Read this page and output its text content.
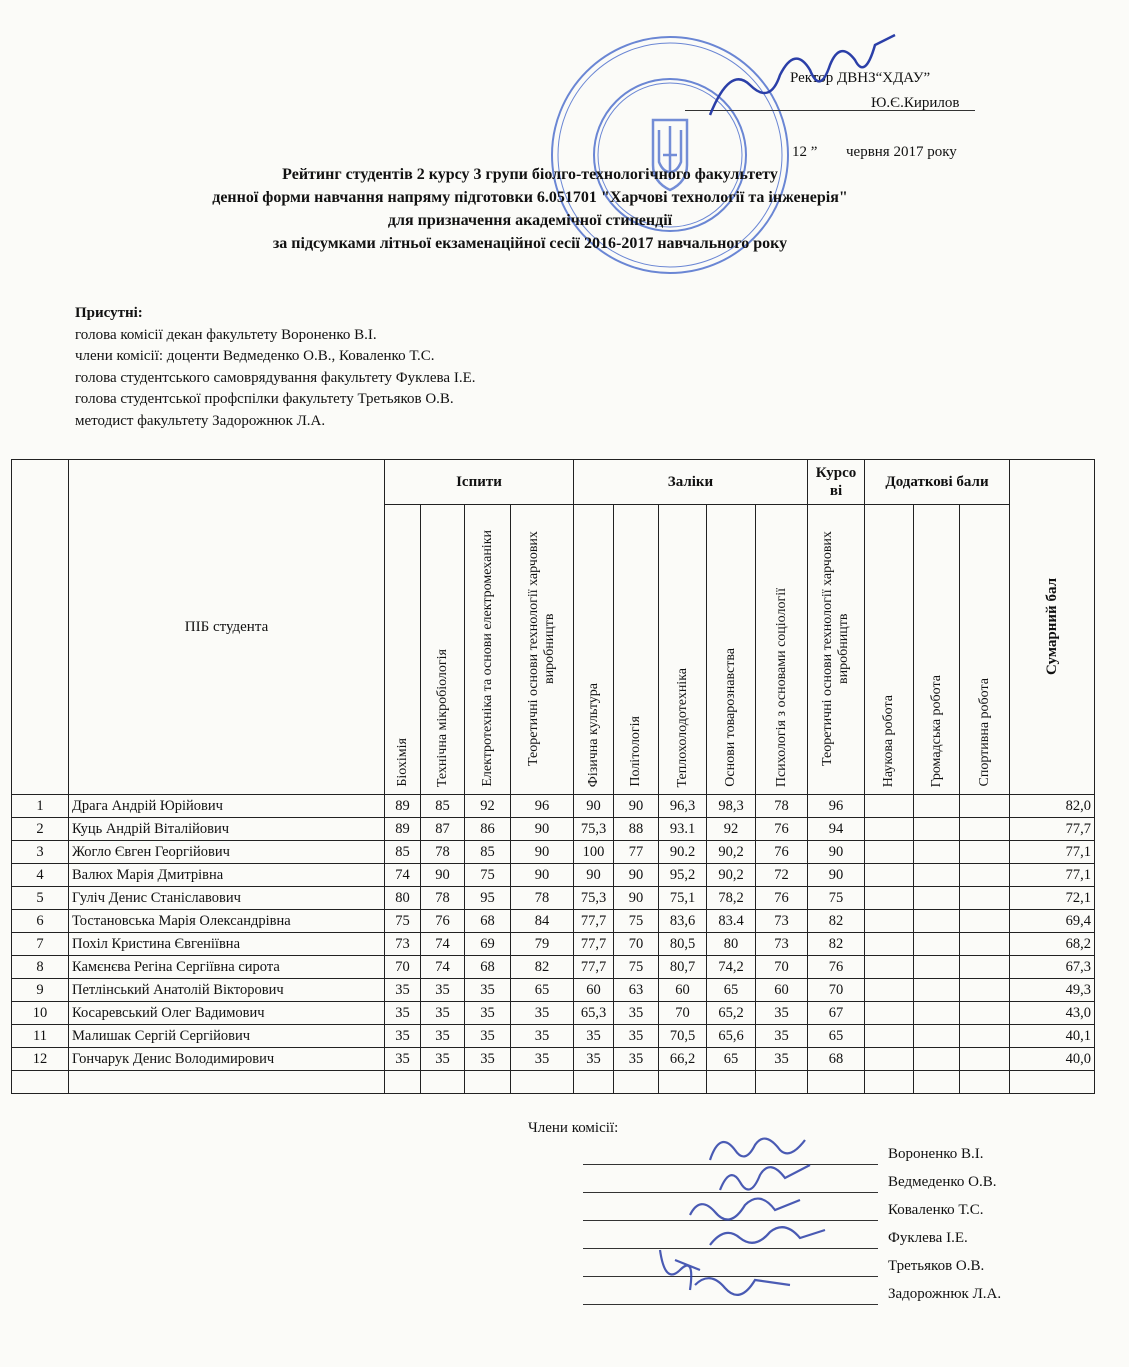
Ректор ДВНЗ“ХДАУ”
Ю.Є.Кирилов
12 ” червня 2017 року
Рейтинг студентів 2 курсу 3 групи біолго-технологічного факультету
денної форми навчання напряму підготовки 6.051701 "Харчові технології та інженерія"
для призначення академічної стипендії
за підсумками літньої екзаменаційної сесії 2016-2017 навчального року
Присутні:
голова комісії декан факультету Вороненко В.І.
члени комісії: доценти Ведмеденко О.В., Коваленко Т.С.
голова студентського самоврядування факультету Фуклева І.Е.
голова студентської профспілки факультету Третьяков О.В.
методист факультету Задорожнюк Л.А.
	ПІБ студента	Іспити				Заліки					Курсо ві	Додаткові бали			Сумарний бал
		Біохімія	Технічна мікробіологія	Електротехніка та основи електромеханіки	Теоретичні основи технології харчових виробництв	Фізична культура	Політологія	Теплохолодотехніка	Основи товарознавства	Психологія з основами соціології	Теоретичні основи технології харчових виробництв	Наукова робота	Громадська робота	Спортивна робота	
1	Драга Андрій Юрійович	89	85	92	96	90	90	96,3	98,3	78	96				82,0
2	Куць Андрій Віталійович	89	87	86	90	75,3	88	93.1	92	76	94				77,7
3	Жогло Євген Георгійович	85	78	85	90	100	77	90.2	90,2	76	90				77,1
4	Валюх Марія Дмитрівна	74	90	75	90	90	90	95,2	90,2	72	90				77,1
5	Гуліч Денис Станіславович	80	78	95	78	75,3	90	75,1	78,2	76	75				72,1
6	Тостановська Марія Олександрівна	75	76	68	84	77,7	75	83,6	83.4	73	82				69,4
7	Похіл Кристина Євгеніївна	73	74	69	79	77,7	70	80,5	80	73	82				68,2
8	Камєнєва Регіна Сергіївна сирота	70	74	68	82	77,7	75	80,7	74,2	70	76				67,3
9	Петлінський Анатолій Вікторович	35	35	35	65	60	63	60	65	60	70				49,3
10	Косаревський Олег Вадимович	35	35	35	35	65,3	35	70	65,2	35	67				43,0
11	Малишак Сергій Сергійович	35	35	35	35	35	35	70,5	65,6	35	65				40,1
12	Гончарук Денис Володимирович	35	35	35	35	35	35	66,2	65	35	68				40,0

Члени комісії:
Вороненко В.І.
Ведмеденко О.В.
Коваленко Т.С.
Фуклева І.Е.
Третьяков О.В.
Задорожнюк Л.А.
